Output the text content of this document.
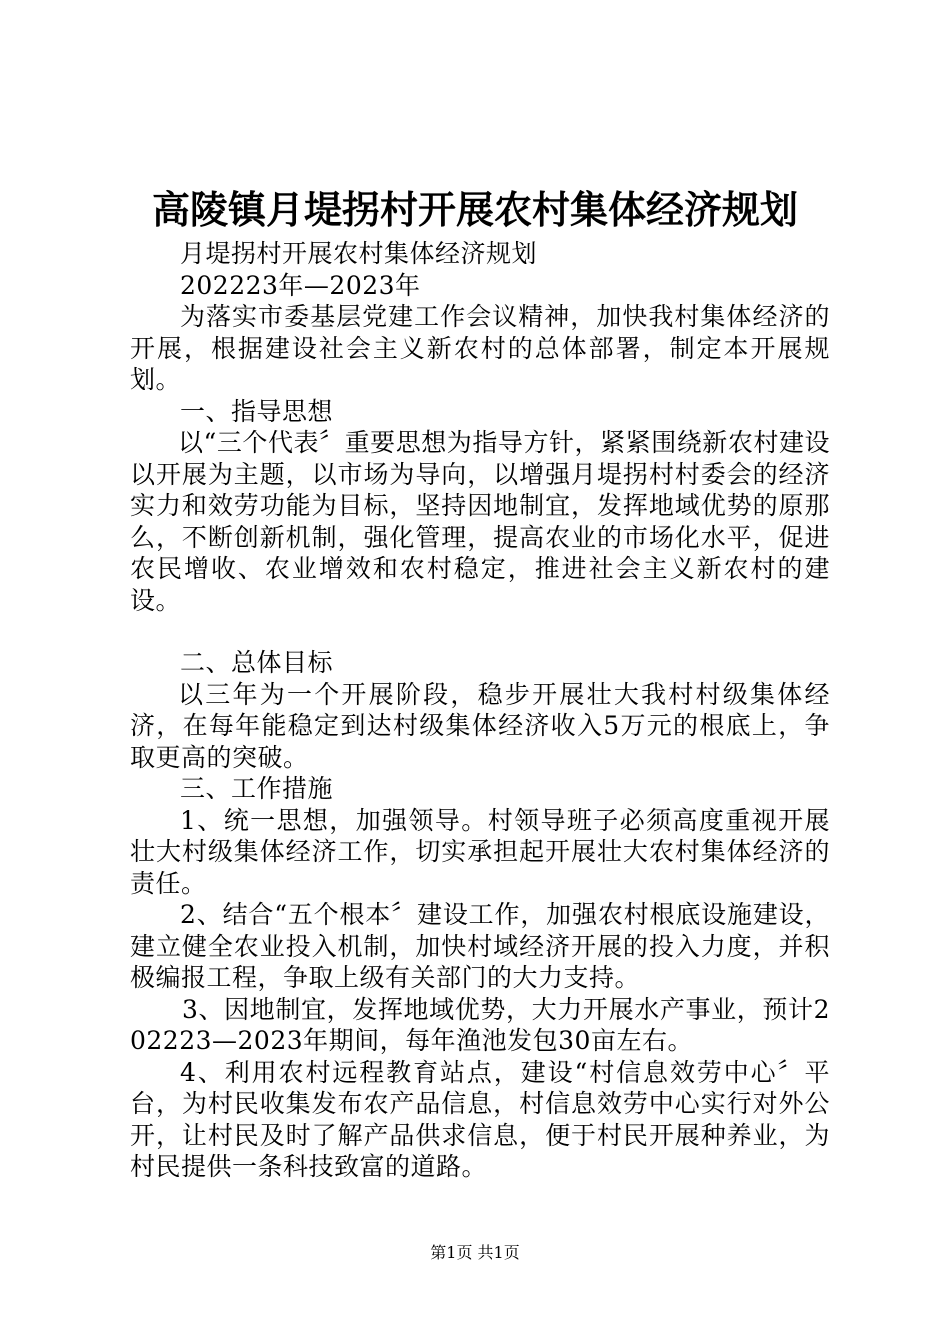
高陵镇月堤拐村开展农村集体经济规划

月堤拐村开展农村集体经济规划

202223年—2023年

为落实市委基层党建工作会议精神，加快我村集体经济的开展，根据建设社会主义新农村的总体部署，制定本开展规划。

一、指导思想

以“三个代表〞重要思想为指导方针，紧紧围绕新农村建设以开展为主题，以市场为导向，以增强月堤拐村村委会的经济实力和效劳功能为目标，坚持因地制宜，发挥地域优势的原那么，不断创新机制，强化管理，提高农业的市场化水平，促进农民增收、农业增效和农村稳定，推进社会主义新农村的建设。

二、总体目标

以三年为一个开展阶段，稳步开展壮大我村村级集体经济，在每年能稳定到达村级集体经济收入5万元的根底上，争取更高的突破。

三、工作措施

1、统一思想，加强领导。村领导班子必须高度重视开展壮大村级集体经济工作，切实承担起开展壮大农村集体经济的责任。

2、结合“五个根本〞建设工作，加强农村根底设施建设，建立健全农业投入机制，加快村域经济开展的投入力度，并积极编报工程，争取上级有关部门的大力支持。

3、因地制宜，发挥地域优势，大力开展水产事业，预计202223—2023年期间，每年渔池发包30亩左右。

4、利用农村远程教育站点，建设“村信息效劳中心〞平台，为村民收集发布农产品信息，村信息效劳中心实行对外公开，让村民及时了解产品供求信息，便于村民开展种养业，为村民提供一条科技致富的道路。

第1页 共1页
